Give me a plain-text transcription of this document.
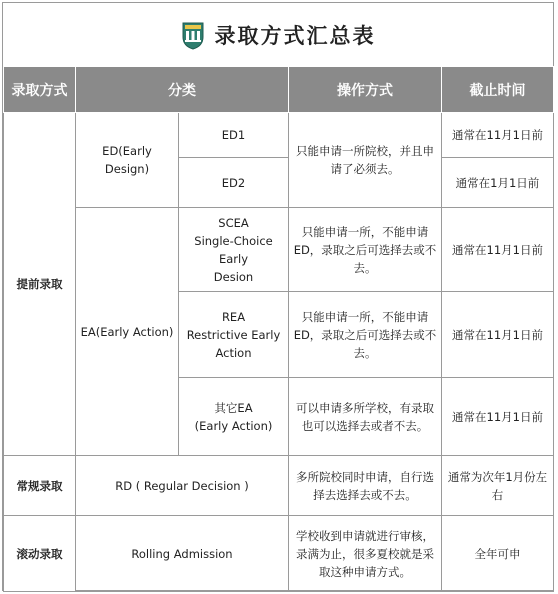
录取方式汇总表
录取方式	分类		操作方式	截止时间
提前录取	ED(Early Design)	ED1	只能申请一所院校，并且申请了必须去。	通常在11月1日前
		ED2		通常在1月1日前
	EA(Early Action)	SCEA
Single-Choice Early
Desion	只能申请一所，不能申请ED，录取之后可选择去或不去。	通常在11月1日前

		REA
Restrictive Early
Action	只能申请一所，不能申请ED，录取之后可选择去或不去。	通常在11月1日前

		其它EA
(Early Action)	可以申请多所学校，有录取也可以选择去或者不去。	通常在11月1日前
常规录取	RD ( Regular Decision )		多所院校同时申请，自行选择去选择去或不去。	通常为次年1月份左右
滚动录取	Rolling Admission		学校收到申请就进行审核，录满为止，很多夏校就是采取这种申请方式。	全年可申
